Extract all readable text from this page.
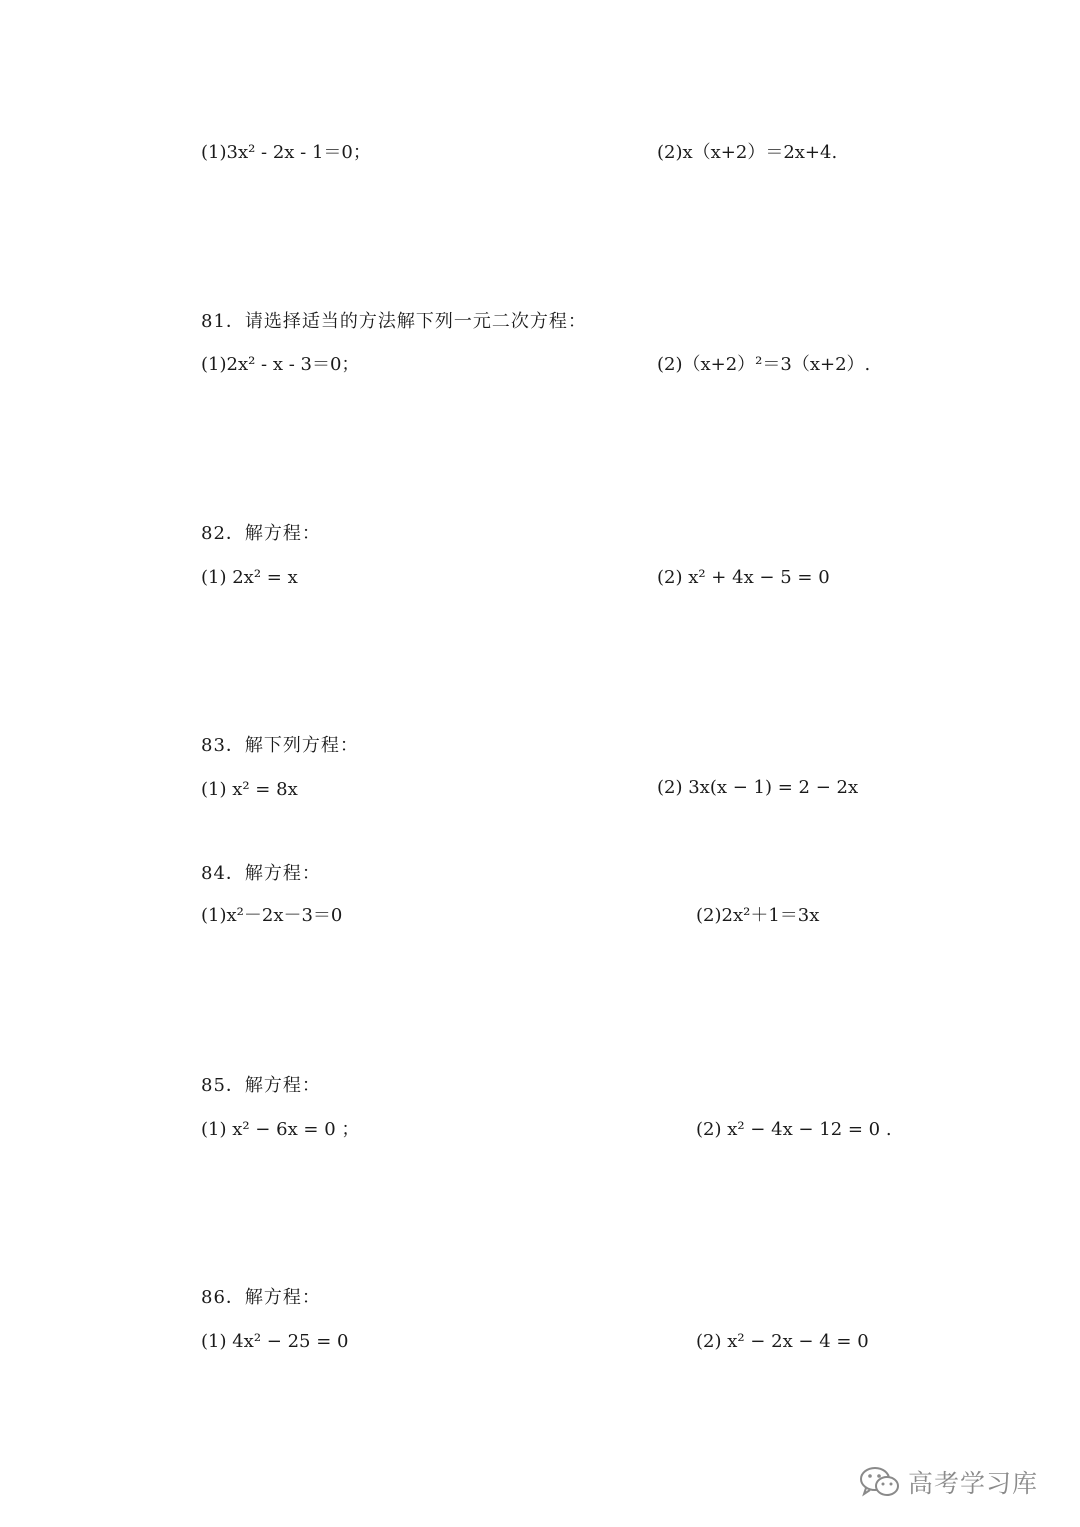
(1)3x² - 2x - 1＝0；	(2)x（x+2）＝2x+4.
81．请选择适当的方法解下列一元二次方程：
(1)2x² - x - 3＝0；	(2)（x+2）²＝3（x+2）.
82．解方程：
(1) 2x² = x	(2) x² + 4x − 5 = 0
83．解下列方程：
(1) x² = 8x	(2) 3x(x − 1) = 2 − 2x
84．解方程：
(1)x²－2x－3＝0	(2)2x²＋1＝3x
85．解方程：
(1) x² − 6x = 0 ；	(2) x² − 4x − 12 = 0 .
86．解方程：
(1) 4x² − 25 = 0	(2) x² − 2x − 4 = 0
高考学习库
